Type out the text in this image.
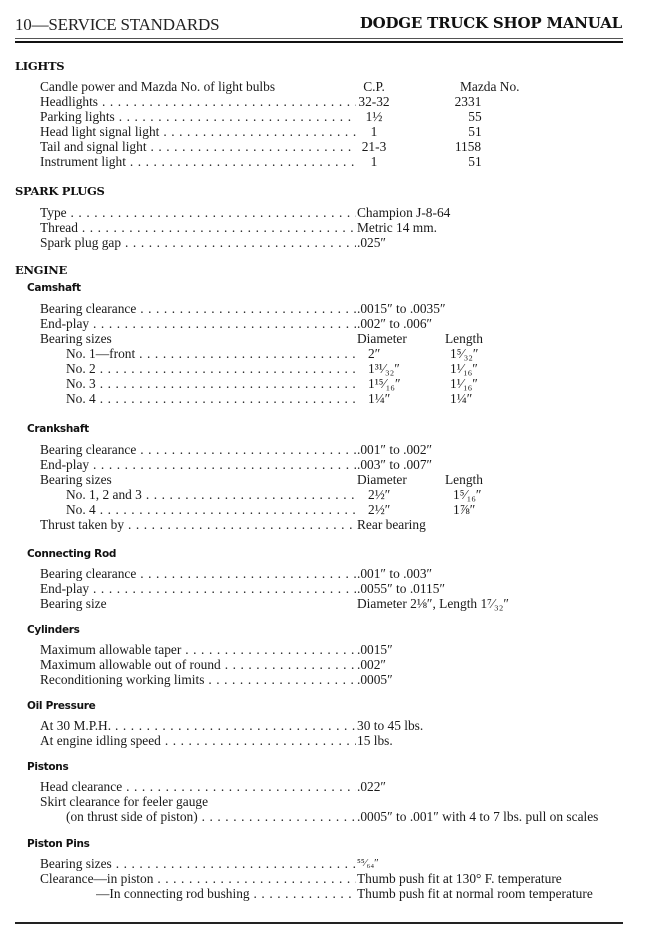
10—SERVICE STANDARDS	DODGE TRUCK SHOP MANUAL
LIGHTS
Candle power and Mazda No. of light bulbs	C.P.	Mazda No.
Headlights . . .	32-32	2331
Parking lights . . .	1½	55
Head light signal light . . .	1	51
Tail and signal light . . .	21-3	1158
Instrument light . . .	1	51
SPARK PLUGS
Type . . .	Champion J-8-64
Thread . . .	Metric 14 mm.
Spark plug gap . . .	.025″
ENGINE
Camshaft
Bearing clearance . . .	.0015″ to .0035″
End-play . . .	.002″ to .006″
Bearing sizes	Diameter	Length
No. 1—front . . .	2″	1⁵⁄₃₂″
No. 2 . . .	1³¹⁄₃₂″	1¹⁄₁₆″
No. 3 . . .	1¹⁵⁄₁₆″	1¹⁄₁₆″
No. 4 . . .	1¼″	1¼″
Crankshaft
Bearing clearance . . .	.001″ to .002″
End-play . . .	.003″ to .007″
Bearing sizes	Diameter	Length
No. 1, 2 and 3 . . .	2½″	1⁵⁄₁₆″
No. 4 . . .	2½″	1⅞″
Thrust taken by . . .	Rear bearing
Connecting Rod
Bearing clearance . . .	.001″ to .003″
End-play . . .	.0055″ to .0115″
Bearing size	Diameter 2⅛″, Length 1⁷⁄₃₂″
Cylinders
Maximum allowable taper . . .	.0015″
Maximum allowable out of round . . .	.002″
Reconditioning working limits . . .	.0005″
Oil Pressure
At 30 M.P.H. . . .	30 to 45 lbs.
At engine idling speed . . .	15 lbs.
Pistons
Head clearance . . .	.022″
Skirt clearance for feeler gauge
(on thrust side of piston) . . .	.0005″ to .001″ with 4 to 7 lbs. pull on scales
Piston Pins
Bearing sizes . . .	⁵⁵⁄₆₄″
Clearance—in piston . . .	Thumb push fit at 130° F. temperature
—In connecting rod bushing . . .	Thumb push fit at normal room temperature
